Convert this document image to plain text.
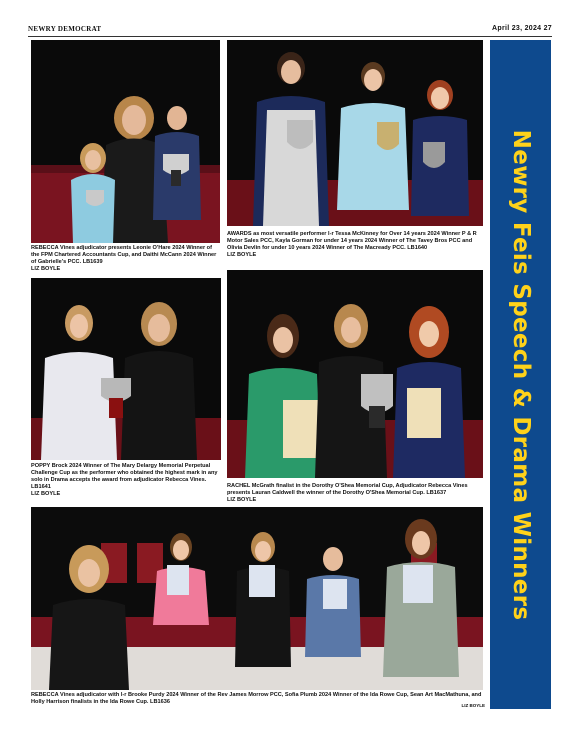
NEWRY DEMOCRAT	April 23, 2024 27
REBECCA Vines adjudicator presents Leonie O'Hare 2024 Winner of the FPM Chartered Accountants Cup, and Daithi McCann 2024 Winner of Gabrielle's PCC. LB1639
LIZ BOYLE
AWARDS as most versatile performer l-r Tessa McKinney for Over 14 years 2024 Winner P & R Motor Sales PCC, Kayla Gorman for under 14 years 2024 Winner of The Tavey Bros PCC and Olivia Devlin for under 10 years 2024 Winner of The Macready PCC. LB1640
LIZ BOYLE
POPPY Brock 2024 Winner of The Mary Delargy Memorial Perpetual Challenge Cup as the performer who obtained the highest mark in any solo in Drama accepts the award from adjudicator Rebecca Vines. LB1641
LIZ BOYLE
RACHEL McGrath finalist in the Dorothy O'Shea Memorial Cup, Adjudicator Rebecca Vines presents Lauran Caldwell the winner of the Dorothy O'Shea Memorial Cup. LB1637
LIZ BOYLE
REBECCA Vines adjudicator with l-r Brooke Purdy 2024 Winner of the Rev James Morrow PCC, Sofia Plumb 2024 Winner of the Ida Rowe Cup, Sean Art MacMathuna, and Holly Harrison finalists in the Ida Rowe Cup. LB1636
LIZ BOYLE
Newry Feis Speech & Drama Winners
